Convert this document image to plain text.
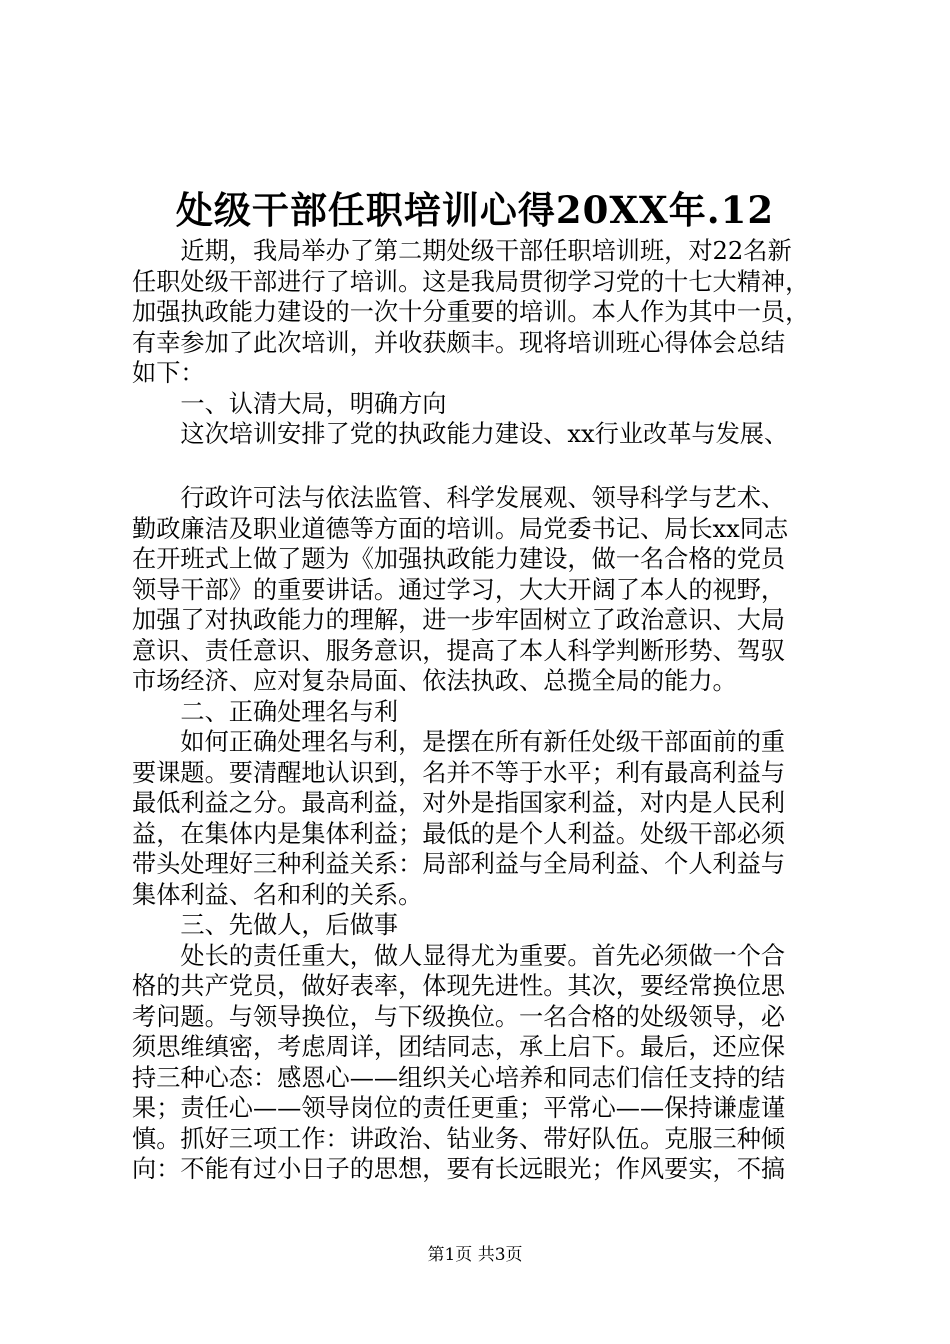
处级干部任职培训心得20XX年.12
　　近期，我局举办了第二期处级干部任职培训班，对22名新
任职处级干部进行了培训。这是我局贯彻学习党的十七大精神，
加强执政能力建设的一次十分重要的培训。本人作为其中一员，
有幸参加了此次培训，并收获颇丰。现将培训班心得体会总结
如下：
　　一、认清大局，明确方向
　　这次培训安排了党的执政能力建设、xx行业改革与发展、
　　行政许可法与依法监管、科学发展观、领导科学与艺术、
勤政廉洁及职业道德等方面的培训。局党委书记、局长xx同志
在开班式上做了题为《加强执政能力建设，做一名合格的党员
领导干部》的重要讲话。通过学习，大大开阔了本人的视野，
加强了对执政能力的理解，进一步牢固树立了政治意识、大局
意识、责任意识、服务意识，提高了本人科学判断形势、驾驭
市场经济、应对复杂局面、依法执政、总揽全局的能力。
　　二、正确处理名与利
　　如何正确处理名与利，是摆在所有新任处级干部面前的重
要课题。要清醒地认识到，名并不等于水平；利有最高利益与
最低利益之分。最高利益，对外是指国家利益，对内是人民利
益，在集体内是集体利益；最低的是个人利益。处级干部必须
带头处理好三种利益关系：局部利益与全局利益、个人利益与
集体利益、名和利的关系。
　　三、先做人，后做事
　　处长的责任重大，做人显得尤为重要。首先必须做一个合
格的共产党员，做好表率，体现先进性。其次，要经常换位思
考问题。与领导换位，与下级换位。一名合格的处级领导，必
须思维缜密，考虑周详，团结同志，承上启下。最后，还应保
持三种心态：感恩心——组织关心培养和同志们信任支持的结
果；责任心——领导岗位的责任更重；平常心——保持谦虚谨
慎。抓好三项工作：讲政治、钻业务、带好队伍。克服三种倾
向：不能有过小日子的思想，要有长远眼光；作风要实，不搞
第1页 共3页
